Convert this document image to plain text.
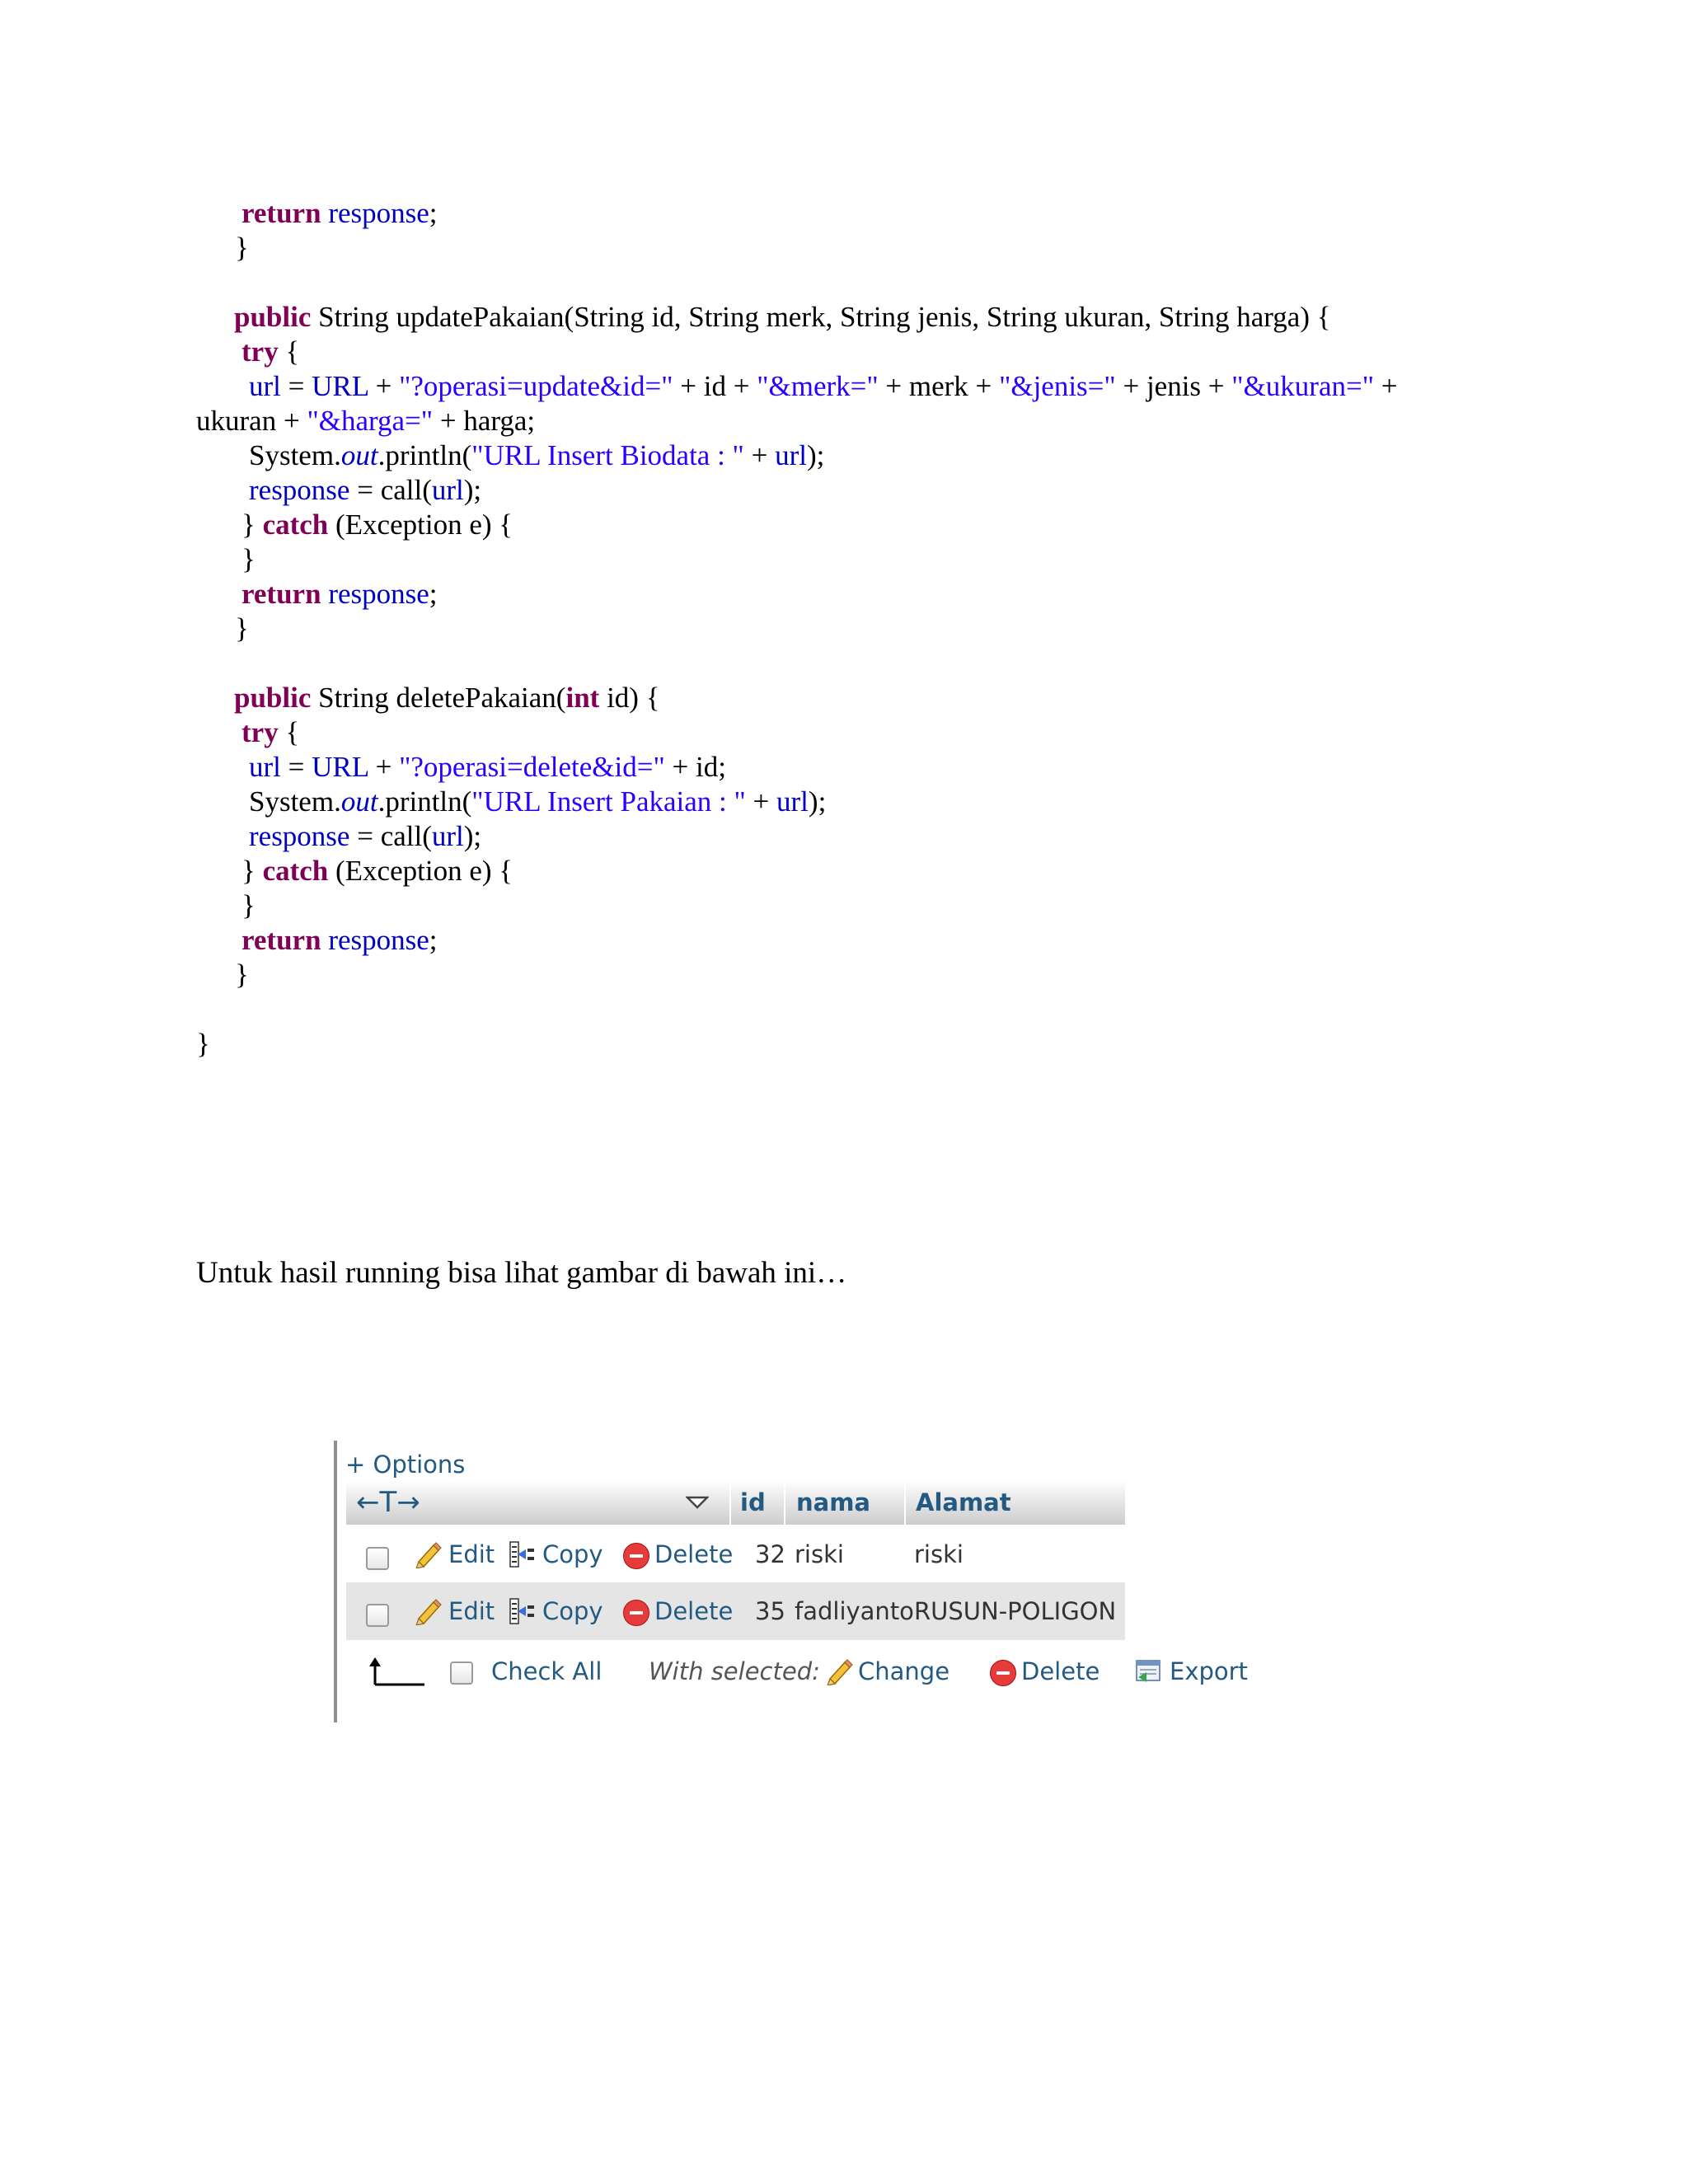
return response;
}
public String updatePakaian(String id, String merk, String jenis, String ukuran, String harga) {
try {
url = URL + "?operasi=update&id=" + id + "&merk=" + merk + "&jenis=" + jenis + "&ukuran=" +
ukuran + "&harga=" + harga;
System.out.println("URL Insert Biodata : " + url);
response = call(url);
} catch (Exception e) {
}
return response;
}
public String deletePakaian(int id) {
try {
url = URL + "?operasi=delete&id=" + id;
System.out.println("URL Insert Pakaian : " + url);
response = call(url);
} catch (Exception e) {
}
return response;
}
}
Untuk hasil running bisa lihat gambar di bawah ini…
+ Options
←T→	id nama Alamat
Edit Copy Delete 32 riski	riski
Edit Copy Delete 35 fadliyanto RUSUN-POLIGON
Check All With selected: Change	Delete	Export
